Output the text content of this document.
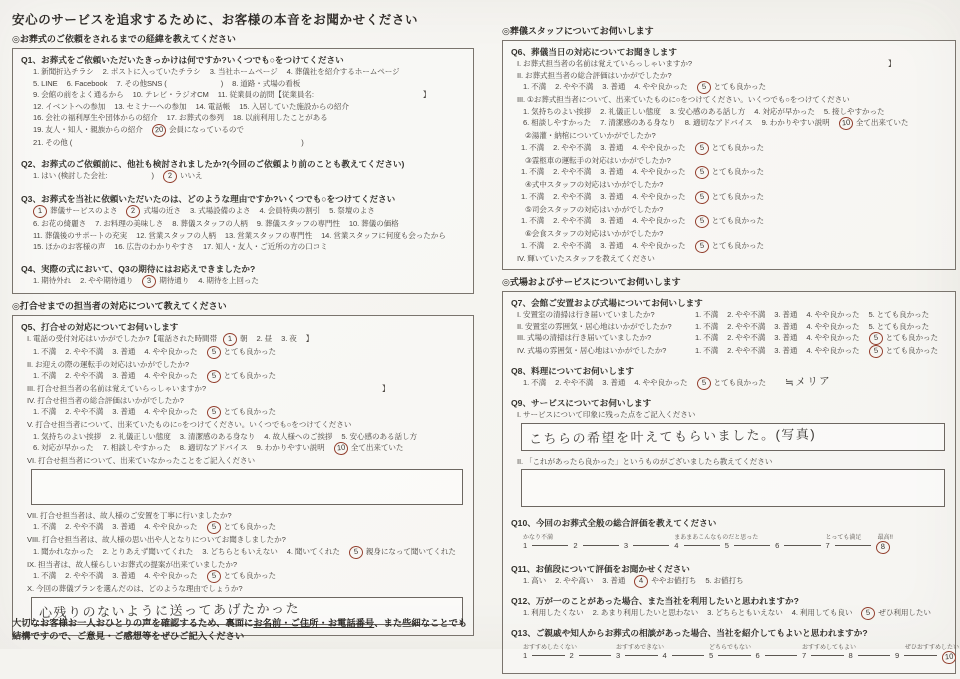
安心のサービスを追求するために、お客様の本音をお聞かせください
◎お葬式のご依頼をされるまでの経緯を教えてください
Q1、お葬式をご依頼いただいたきっかけは何ですか?いくつでも○をつけてください
1. 新聞折込チラシ 2. ポストに入っていたチラシ 3. 当社ホームページ 4. 葬儀社を紹介するホームページ
5. LINE 6. Facebook 7. その他SNS (	) 8. 道路・式場の看板
9. 会館の前をよく通るから 10. テレビ・ラジオCM 11. 従業員の訪問【従業員名:	】
12. イベントへの参加 13. セミナーへの参加 14. 電話帳 15. 入居していた施設からの紹介
16. 会社の福利厚生や団体からの紹介 17. お葬式の参列 18. 以前利用したことがある
19. 友人・知人・親族からの紹介 20 会員になっているので
21. その他 (	)
Q2、お葬式のご依頼前に、他社も検討されましたか?(今回のご依頼より前のことも教えてください)
1. はい (検討した会社:	) 2 いいえ
Q3、お葬式を当社に依頼いただいたのは、どのような理由ですか?いくつでも○をつけてください
1 葬儀サービスのよさ 2 式場の近さ 3. 式場設備のよさ 4. 会員特典の割引 5. 祭壇のよさ
6. お花の綺麗さ 7. お料理の美味しさ 8. 葬儀スタッフの人柄 9. 葬儀スタッフの専門性 10. 葬儀の価格
11. 葬儀後のサポートの充実 12. 営業スタッフの人柄 13. 営業スタッフの専門性 14. 営業スタッフに何度も会ったから
15. ほかのお客様の声 16. 広告のわかりやすさ 17. 知人・友人・ご近所の方の口コミ
Q4、実際の式において、Q3の期待にはお応えできましたか?
1. 期待外れ 2. やや期待通り 3 期待通り 4. 期待を上回った
◎打合せまでの担当者の対応について教えてください
Q5、打合せの対応についてお伺いします
I. 電話の受付対応はいかがでしたか?【電話された時間帯 1 朝 2. 昼 3. 夜 】
1. 不満 2. やや不満 3. 普通 4. やや良かった 5 とても良かった
II. お迎えの際の運転手の対応はいかがでしたか?
1. 不満 2. やや不満 3. 普通 4. やや良かった 5 とても良かった
III. 打合せ担当者の名前は覚えていらっしゃいますか?	】
IV. 打合せ担当者の総合評価はいかがでしたか?
1. 不満 2. やや不満 3. 普通 4. やや良かった 5 とても良かった
V. 打合せ担当者について、出来ていたものに○をつけてください。いくつでも○をつけてください
1. 気持ちのよい挨拶 2. 礼儀正しい態度 3. 清潔感のある身なり 4. 故人様へのご挨拶 5. 安心感のある話し方
6. 対応が早かった 7. 相談しやすかった 8. 適切なアドバイス 9. わかりやすい説明 10 全て出来ていた
VI. 打合せ担当者について、出来ていなかったことをご記入ください
VII. 打合せ担当者は、故人様のご安置を丁寧に行いましたか?
1. 不満 2. やや不満 3. 普通 4. やや良かった 5 とても良かった
VIII. 打合せ担当者は、故人様の思い出や人となりについてお聞きしましたか?
1. 聞かれなかった 2. とりあえず聞いてくれた 3. どちらともいえない 4. 聞いてくれた 5 親身になって聞いてくれた
IX. 担当者は、故人様らしいお葬式の提案が出来ていましたか?
1. 不満 2. やや不満 3. 普通 4. やや良かった 5 とても良かった
X. 今回の葬儀プランを選んだのは、どのような理由でしょうか?
心残りのないように送ってあげたかった
◎葬儀スタッフについてお伺いします
Q6、葬儀当日の対応についてお聞きします
I. お葬式担当者の名前は覚えていらっしゃいますか?	】
II. お葬式担当者の総合評価はいかがでしたか?
1. 不満 2. やや不満 3. 普通 4. やや良かった 5 とても良かった
III. ①お葬式担当者について、出来ていたものに○をつけてください。いくつでも○をつけてください
1. 気持ちのよい挨拶 2. 礼儀正しい態度 3. 安心感のある話し方 4. 対応が早かった 5. 接しやすかった
6. 相談しやすかった 7. 清潔感のある身なり 8. 適切なアドバイス 9. わかりやすい説明 10 全て出来ていた
②湯灌・納棺についていかがでしたか?
1. 不満 2. やや不満 3. 普通 4. やや良かった 5 とても良かった
③霊柩車の運転手の対応はいかがでしたか?
1. 不満 2. やや不満 3. 普通 4. やや良かった 5 とても良かった
④式中スタッフの対応はいかがでしたか?
1. 不満 2. やや不満 3. 普通 4. やや良かった 5 とても良かった
⑤司会スタッフの対応はいかがでしたか?
1. 不満 2. やや不満 3. 普通 4. やや良かった 5 とても良かった
⑥会食スタッフの対応はいかがでしたか?
1. 不満 2. やや不満 3. 普通 4. やや良かった 5 とても良かった
IV. 輝いていたスタッフを教えてください
◎式場およびサービスについてお伺いします
Q7、会館ご安置および式場についてお伺いします
I. 安置室の清掃は行き届いていましたか?	1. 不満 2. やや不満 3. 普通 4. やや良かった 5. とても良かった
II. 安置室の雰囲気・居心地はいかがでしたか?	1. 不満 2. やや不満 3. 普通 4. やや良かった 5. とても良かった
III. 式場の清掃は行き届いていましたか?	1. 不満 2. やや不満 3. 普通 4. やや良かった	5 とても良かった
IV. 式場の雰囲気・居心地はいかがでしたか?	1. 不満 2. やや不満 3. 普通 4. やや良かった	5 とても良かった
Q8、料理についてお伺いします
1. 不満 2. やや不満 3. 普通 4. やや良かった 5 とても良かった ≒メリア
Q9、サービスについてお伺いします
I. サービスについて印象に残った点をご記入ください
こちらの希望を叶えてもらいました。(写真)
II. 「これがあったら良かった」というものがございましたら教えてください
Q10、今回のお葬式全般の総合評価を教えてください
かなり不満
1	2	3
まあまあこんなものだと思った
4	5	6
とっても満足
7
最高!!
8
Q11、お値段について評価をお聞かせください
1. 高い 2. やや高い 3. 普通 4 ややお値打ち 5. お値打ち
Q12、万が一のことがあった場合、また当社を利用したいと思われますか?
1. 利用したくない 2. あまり利用したいと思わない 3. どちらともいえない 4. 利用しても良い 5 ぜひ利用したい
Q13、ご親戚や知人からお葬式の相談があった場合、当社を紹介してもよいと思われますか?
おすすめしたくない
1	2
おすすめできない
3	4
どちらでもない
5	6
おすすめしてもよい
7	8	9
ぜひおすすめしたい
10
大切なお客様お一人おひとりの声を確認するため、裏面にお名前・ご住所・お電話番号、また些細なことでも
結構ですので、ご意見・ご感想等をぜひご記入ください
